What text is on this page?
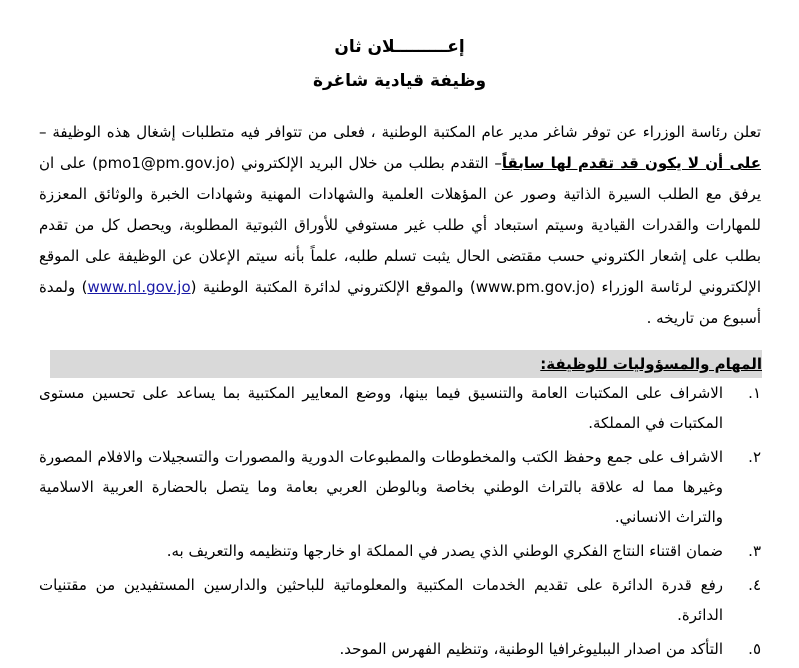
إعـــــــــلان ثان
وظيفة قيادية شاغرة

تعلن رئاسة الوزراء عن توفر شاغر مدير عام المكتبة الوطنية ، فعلى من تتوافر فيه متطلبات إشغال هذه الوظيفة – على أن لا يكون قد تقدم لها سابقاً– التقدم بطلب من خلال البريد الإلكتروني (pmo1@pm.gov.jo) على ان يرفق مع الطلب السيرة الذاتية وصور عن المؤهلات العلمية والشهادات المهنية وشهادات الخبرة والوثائق المعززة للمهارات والقدرات القيادية وسيتم استبعاد أي طلب غير مستوفي للأوراق الثبوتية المطلوبة، ويحصل كل من تقدم بطلب على إشعار الكتروني حسب مقتضى الحال يثبت تسلم طلبه، علماً بأنه سيتم الإعلان عن الوظيفة على الموقع الإلكتروني لرئاسة الوزراء (www.pm.gov.jo) والموقع الإلكتروني لدائرة المكتبة الوطنية (www.nl.gov.jo) ولمدة أسبوع من تاريخه .

المهام والمسؤوليات للوظيفة:
١.
الاشراف على المكتبات العامة والتنسيق فيما بينها، ووضع المعايير المكتبية بما يساعد على تحسين مستوى المكتبات في المملكة.
٢.
الاشراف على جمع وحفظ الكتب والمخطوطات والمطبوعات الدورية والمصورات والتسجيلات والافلام المصورة وغيرها مما له علاقة بالتراث الوطني بخاصة وبالوطن العربي بعامة وما يتصل بالحضارة العربية الاسلامية والتراث الانساني.
٣.
ضمان اقتناء النتاج الفكري الوطني الذي يصدر في المملكة او خارجها وتنظيمه والتعريف به.
٤.
رفع قدرة الدائرة على تقديم الخدمات المكتبية والمعلوماتية للباحثين والدارسين المستفيدين من مقتنيات الدائرة.
٥.
التأكد من اصدار الببليوغرافيا الوطنية، وتنظيم الفهرس الموحد.
